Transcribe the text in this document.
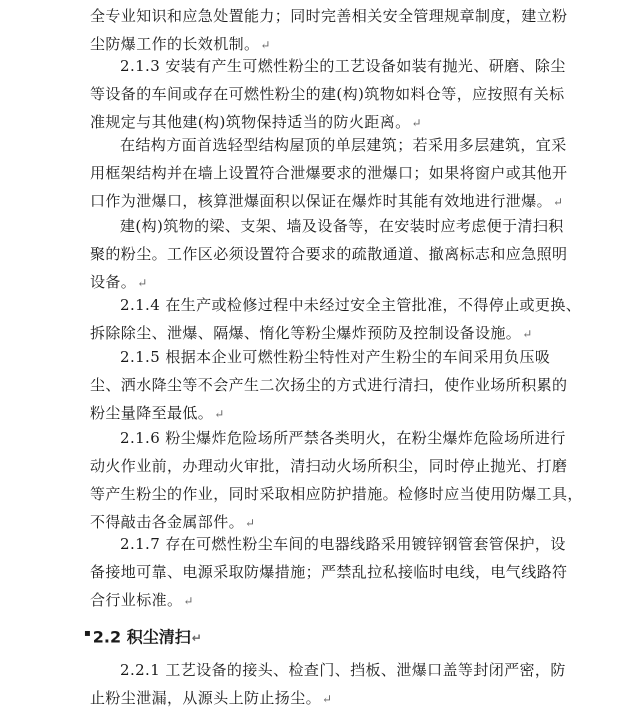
全专业知识和应急处置能力；同时完善相关安全管理规章制度，建立粉
尘防爆工作的长效机制。↵
2.1.3 安装有产生可燃性粉尘的工艺设备如装有抛光、研磨、除尘
等设备的车间或存在可燃性粉尘的建(构)筑物如料仓等，应按照有关标
准规定与其他建(构)筑物保持适当的防火距离。↵
在结构方面首选轻型结构屋顶的单层建筑；若采用多层建筑，宜采
用框架结构并在墙上设置符合泄爆要求的泄爆口；如果将窗户或其他开
口作为泄爆口，核算泄爆面积以保证在爆炸时其能有效地进行泄爆。↵
建(构)筑物的梁、支架、墙及设备等，在安装时应考虑便于清扫积
聚的粉尘。工作区必须设置符合要求的疏散通道、撤离标志和应急照明
设备。↵
2.1.4 在生产或检修过程中未经过安全主管批准，不得停止或更换、
拆除除尘、泄爆、隔爆、惰化等粉尘爆炸预防及控制设备设施。↵
2.1.5 根据本企业可燃性粉尘特性对产生粉尘的车间采用负压吸
尘、洒水降尘等不会产生二次扬尘的方式进行清扫，使作业场所积累的
粉尘量降至最低。↵
2.1.6 粉尘爆炸危险场所严禁各类明火，在粉尘爆炸危险场所进行
动火作业前，办理动火审批，清扫动火场所积尘，同时停止抛光、打磨
等产生粉尘的作业，同时采取相应防护措施。检修时应当使用防爆工具，
不得敲击各金属部件。↵
2.1.7 存在可燃性粉尘车间的电器线路采用镀锌钢管套管保护，设
备接地可靠、电源采取防爆措施；严禁乱拉私接临时电线，电气线路符
合行业标准。↵
▪ 2.2 积尘清扫↵
2.2.1 工艺设备的接头、检查门、挡板、泄爆口盖等封闭严密，防
止粉尘泄漏，从源头上防止扬尘。↵
